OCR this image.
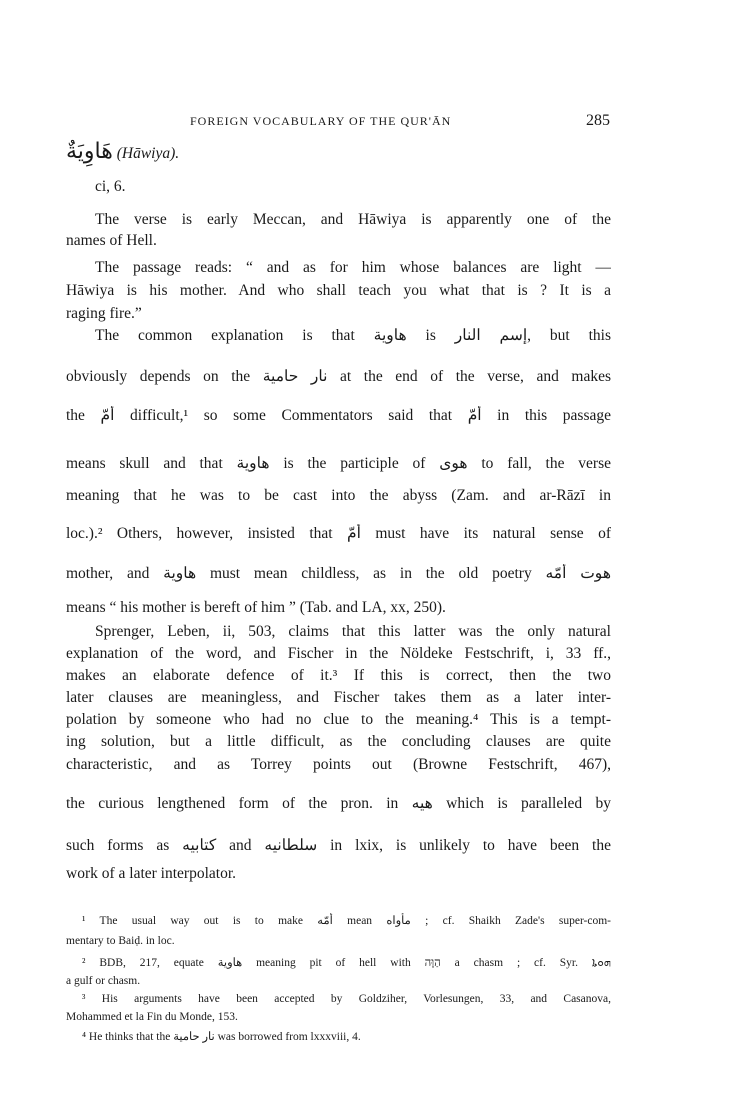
FOREIGN VOCABULARY OF THE QUR'ĀN	285
هَاوِيَةٌ (Hāwiya).
ci, 6.
The verse is early Meccan, and Hāwiya is apparently one of the
names of Hell.
The passage reads: “ and as for him whose balances are light —
Hāwiya is his mother. And who shall teach you what that is ? It is a
raging fire.”
The common explanation is that هاوية is إسم النار, but this
obviously depends on the نار حامية at the end of the verse, and makes
the أمّ difficult,¹ so some Commentators said that أمّ in this passage
means skull and that هاوية is the participle of هوى to fall, the verse
meaning that he was to be cast into the abyss (Zam. and ar-Rāzī in
loc.).² Others, however, insisted that أمّ must have its natural sense of
mother, and هاوية must mean childless, as in the old poetry هوت أمّه
means “ his mother is bereft of him ” (Tab. and LA, xx, 250).
Sprenger, Leben, ii, 503, claims that this latter was the only natural
explanation of the word, and Fischer in the Nöldeke Festschrift, i, 33 ff.,
makes an elaborate defence of it.³ If this is correct, then the two
later clauses are meaningless, and Fischer takes them as a later inter-
polation by someone who had no clue to the meaning.⁴ This is a tempt-
ing solution, but a little difficult, as the concluding clauses are quite
characteristic, and as Torrey points out (Browne Festschrift, 467),
the curious lengthened form of the pron. in هيه which is paralleled by
such forms as كتابيه and سلطانيه in lxix, is unlikely to have been the
work of a later interpolator.
¹ The usual way out is to make أمّه mean مأواه ; cf. Shaikh Zade's super-com-
mentary to Baiḍ. in loc.
² BDB, 217, equate هاوية meaning pit of hell with הַוָּה a chasm ; cf. Syr. ܗܘܬܐ
a gulf or chasm.
³ His arguments have been accepted by Goldziher, Vorlesungen, 33, and Casanova,
Mohammed et la Fin du Monde, 153.
⁴ He thinks that the نار حامية was borrowed from lxxxviii, 4.
